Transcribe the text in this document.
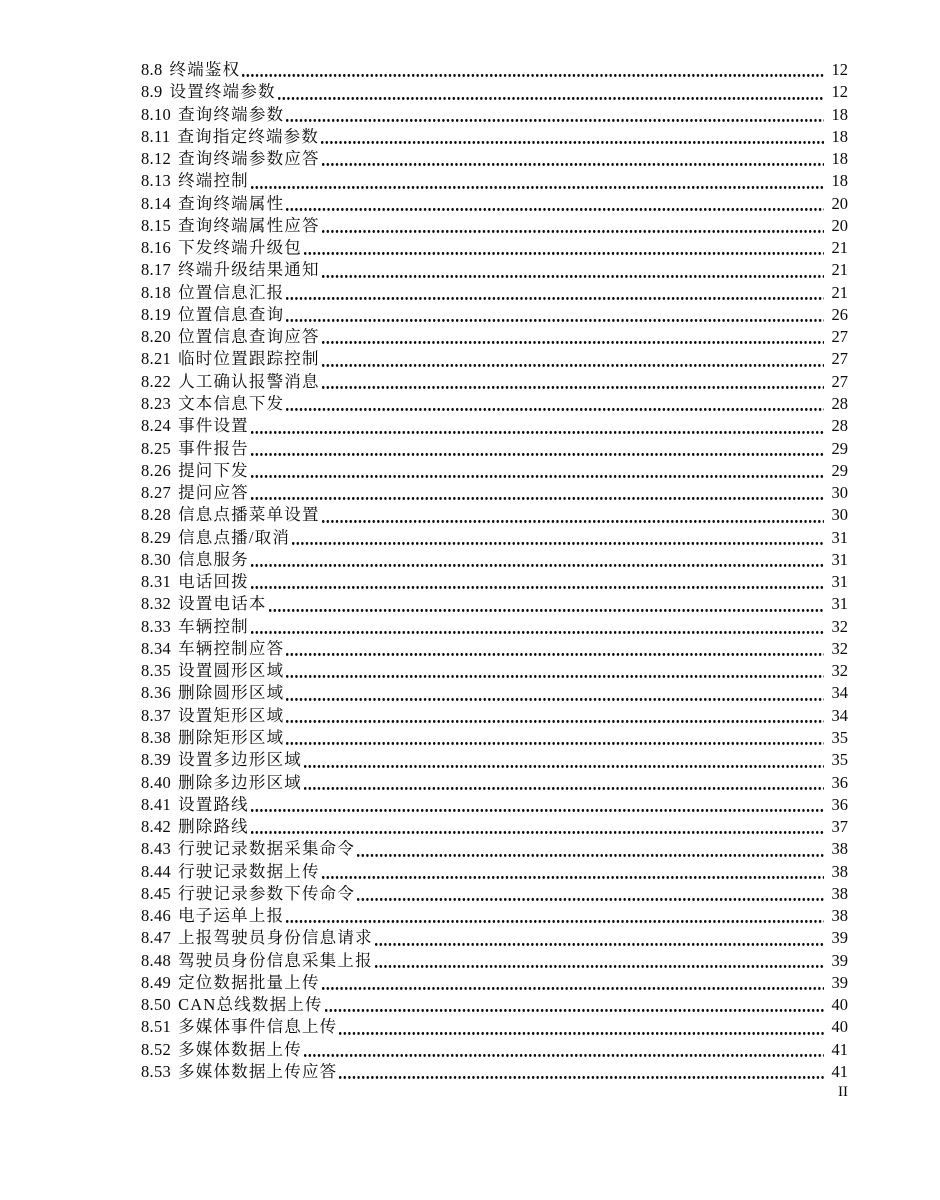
8.8 终端鉴权	12
8.9 设置终端参数	12
8.10 查询终端参数	18
8.11 查询指定终端参数	18
8.12 查询终端参数应答	18
8.13 终端控制	18
8.14 查询终端属性	20
8.15 查询终端属性应答	20
8.16 下发终端升级包	21
8.17 终端升级结果通知	21
8.18 位置信息汇报	21
8.19 位置信息查询	26
8.20 位置信息查询应答	27
8.21 临时位置跟踪控制	27
8.22 人工确认报警消息	27
8.23 文本信息下发	28
8.24 事件设置	28
8.25 事件报告	29
8.26 提问下发	29
8.27 提问应答	30
8.28 信息点播菜单设置	30
8.29 信息点播/取消	31
8.30 信息服务	31
8.31 电话回拨	31
8.32 设置电话本	31
8.33 车辆控制	32
8.34 车辆控制应答	32
8.35 设置圆形区域	32
8.36 删除圆形区域	34
8.37 设置矩形区域	34
8.38 删除矩形区域	35
8.39 设置多边形区域	35
8.40 删除多边形区域	36
8.41 设置路线	36
8.42 删除路线	37
8.43 行驶记录数据采集命令	38
8.44 行驶记录数据上传	38
8.45 行驶记录参数下传命令	38
8.46 电子运单上报	38
8.47 上报驾驶员身份信息请求	39
8.48 驾驶员身份信息采集上报	39
8.49 定位数据批量上传	39
8.50 CAN总线数据上传	40
8.51 多媒体事件信息上传	40
8.52 多媒体数据上传	41
8.53 多媒体数据上传应答	41
II
